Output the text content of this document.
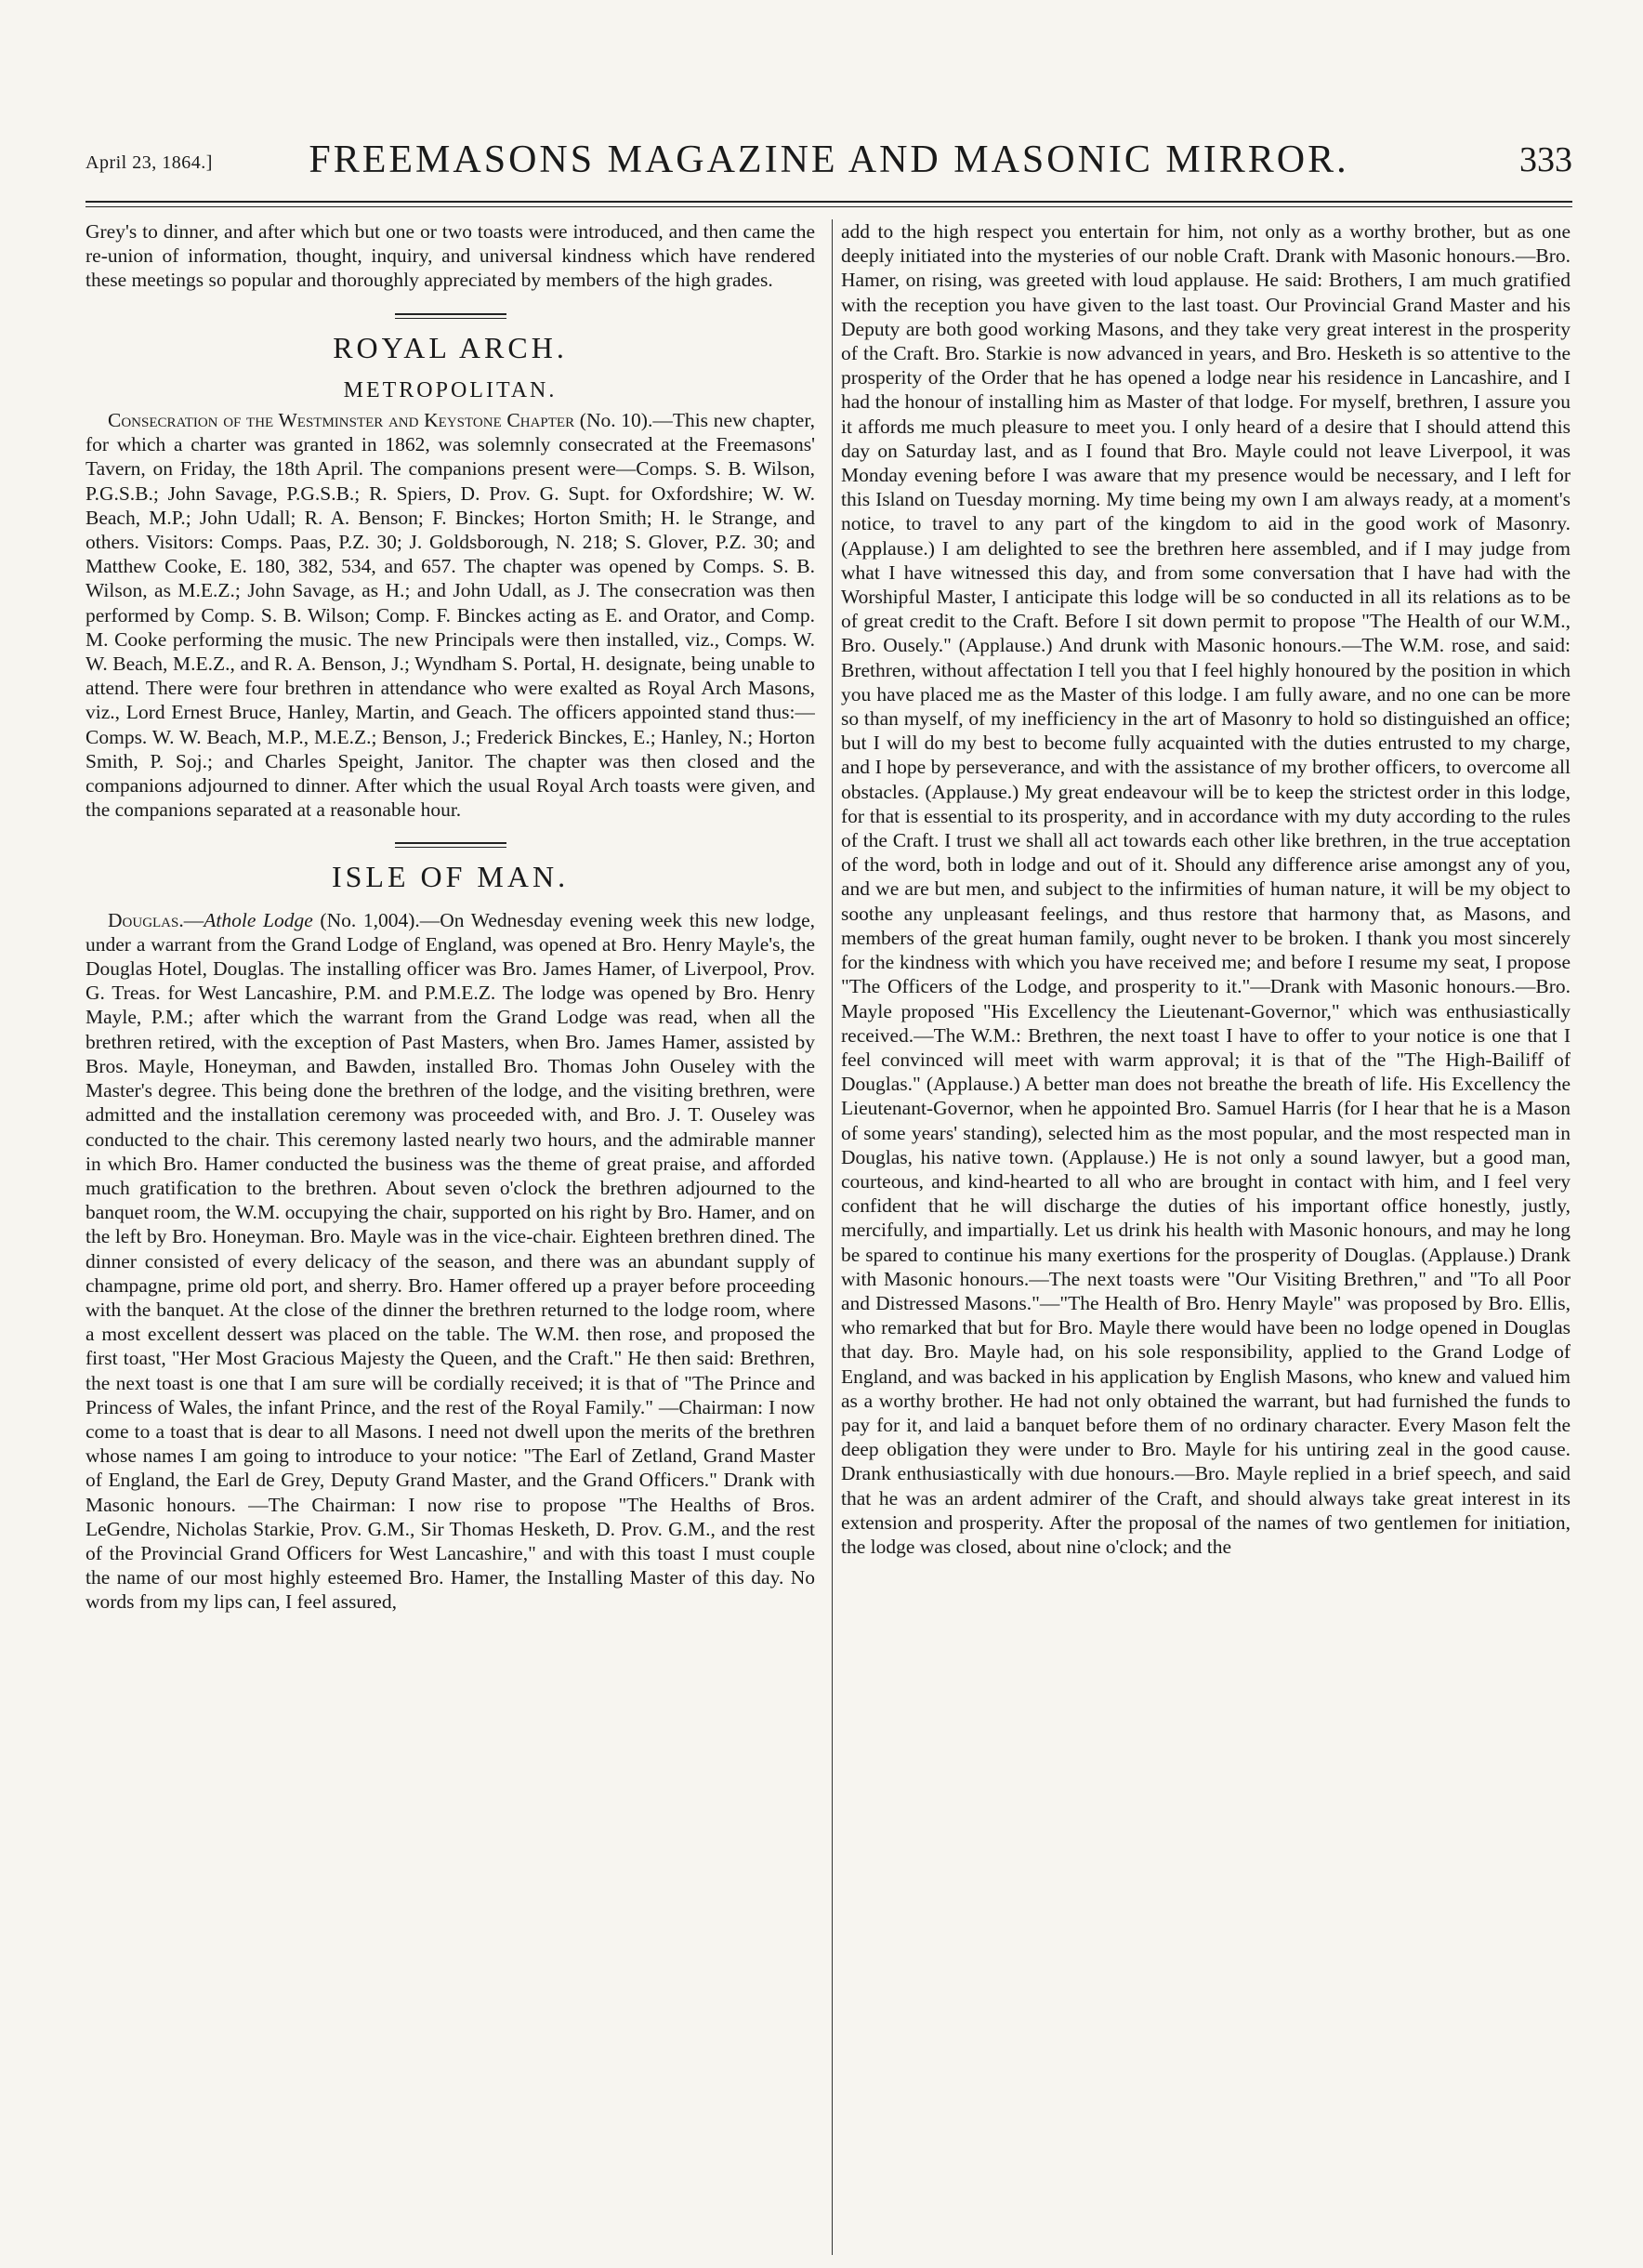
April 23, 1864.]	FREEMASONS MAGAZINE AND MASONIC MIRROR.	333

Grey's to dinner, and after which but one or two toasts were introduced, and then came the re-union of information, thought, inquiry, and universal kindness which have rendered these meetings so popular and thoroughly appreciated by members of the high grades.

ROYAL ARCH.
METROPOLITAN.

Consecration of the Westminster and Keystone Chapter (No. 10).—This new chapter, for which a charter was granted in 1862, was solemnly consecrated at the Freemasons' Tavern, on Friday, the 18th April. The companions present were—Comps. S. B. Wilson, P.G.S.B.; John Savage, P.G.S.B.; R. Spiers, D. Prov. G. Supt. for Oxfordshire; W. W. Beach, M.P.; John Udall; R. A. Benson; F. Binckes; Horton Smith; H. le Strange, and others. Visitors: Comps. Paas, P.Z. 30; J. Goldsborough, N. 218; S. Glover, P.Z. 30; and Matthew Cooke, E. 180, 382, 534, and 657. The chapter was opened by Comps. S. B. Wilson, as M.E.Z.; John Savage, as H.; and John Udall, as J. The consecration was then performed by Comp. S. B. Wilson; Comp. F. Binckes acting as E. and Orator, and Comp. M. Cooke performing the music. The new Principals were then installed, viz., Comps. W. W. Beach, M.E.Z., and R. A. Benson, J.; Wyndham S. Portal, H. designate, being unable to attend. There were four brethren in attendance who were exalted as Royal Arch Masons, viz., Lord Ernest Bruce, Hanley, Martin, and Geach. The officers appointed stand thus:—Comps. W. W. Beach, M.P., M.E.Z.; Benson, J.; Frederick Binckes, E.; Hanley, N.; Horton Smith, P. Soj.; and Charles Speight, Janitor. The chapter was then closed and the companions adjourned to dinner. After which the usual Royal Arch toasts were given, and the companions separated at a reasonable hour.

ISLE OF MAN.

Douglas.—Athole Lodge (No. 1,004).—On Wednesday evening week this new lodge, under a warrant from the Grand Lodge of England, was opened at Bro. Henry Mayle's, the Douglas Hotel, Douglas. The installing officer was Bro. James Hamer, of Liverpool, Prov. G. Treas. for West Lancashire, P.M. and P.M.E.Z. The lodge was opened by Bro. Henry Mayle, P.M.; after which the warrant from the Grand Lodge was read, when all the brethren retired, with the exception of Past Masters, when Bro. James Hamer, assisted by Bros. Mayle, Honeyman, and Bawden, installed Bro. Thomas John Ouseley with the Master's degree. This being done the brethren of the lodge, and the visiting brethren, were admitted and the installation ceremony was proceeded with, and Bro. J. T. Ouseley was conducted to the chair. This ceremony lasted nearly two hours, and the admirable manner in which Bro. Hamer conducted the business was the theme of great praise, and afforded much gratification to the brethren. About seven o'clock the brethren adjourned to the banquet room, the W.M. occupying the chair, supported on his right by Bro. Hamer, and on the left by Bro. Honeyman. Bro. Mayle was in the vice-chair. Eighteen brethren dined. The dinner consisted of every delicacy of the season, and there was an abundant supply of champagne, prime old port, and sherry. Bro. Hamer offered up a prayer before proceeding with the banquet. At the close of the dinner the brethren returned to the lodge room, where a most excellent dessert was placed on the table. The W.M. then rose, and proposed the first toast, "Her Most Gracious Majesty the Queen, and the Craft." He then said: Brethren, the next toast is one that I am sure will be cordially received; it is that of "The Prince and Princess of Wales, the infant Prince, and the rest of the Royal Family." —Chairman: I now come to a toast that is dear to all Masons. I need not dwell upon the merits of the brethren whose names I am going to introduce to your notice: "The Earl of Zetland, Grand Master of England, the Earl de Grey, Deputy Grand Master, and the Grand Officers." Drank with Masonic honours. —The Chairman: I now rise to propose "The Healths of Bros. LeGendre, Nicholas Starkie, Prov. G.M., Sir Thomas Hesketh, D. Prov. G.M., and the rest of the Provincial Grand Officers for West Lancashire," and with this toast I must couple the name of our most highly esteemed Bro. Hamer, the Installing Master of this day. No words from my lips can, I feel assured,

add to the high respect you entertain for him, not only as a worthy brother, but as one deeply initiated into the mysteries of our noble Craft. Drank with Masonic honours.—Bro. Hamer, on rising, was greeted with loud applause. He said: Brothers, I am much gratified with the reception you have given to the last toast. Our Provincial Grand Master and his Deputy are both good working Masons, and they take very great interest in the prosperity of the Craft. Bro. Starkie is now advanced in years, and Bro. Hesketh is so attentive to the prosperity of the Order that he has opened a lodge near his residence in Lancashire, and I had the honour of installing him as Master of that lodge. For myself, brethren, I assure you it affords me much pleasure to meet you. I only heard of a desire that I should attend this day on Saturday last, and as I found that Bro. Mayle could not leave Liverpool, it was Monday evening before I was aware that my presence would be necessary, and I left for this Island on Tuesday morning. My time being my own I am always ready, at a moment's notice, to travel to any part of the kingdom to aid in the good work of Masonry. (Applause.) I am delighted to see the brethren here assembled, and if I may judge from what I have witnessed this day, and from some conversation that I have had with the Worshipful Master, I anticipate this lodge will be so conducted in all its relations as to be of great credit to the Craft. Before I sit down permit to propose "The Health of our W.M., Bro. Ousely." (Applause.) And drunk with Masonic honours.—The W.M. rose, and said: Brethren, without affectation I tell you that I feel highly honoured by the position in which you have placed me as the Master of this lodge. I am fully aware, and no one can be more so than myself, of my inefficiency in the art of Masonry to hold so distinguished an office; but I will do my best to become fully acquainted with the duties entrusted to my charge, and I hope by perseverance, and with the assistance of my brother officers, to overcome all obstacles. (Applause.) My great endeavour will be to keep the strictest order in this lodge, for that is essential to its prosperity, and in accordance with my duty according to the rules of the Craft. I trust we shall all act towards each other like brethren, in the true acceptation of the word, both in lodge and out of it. Should any difference arise amongst any of you, and we are but men, and subject to the infirmities of human nature, it will be my object to soothe any unpleasant feelings, and thus restore that harmony that, as Masons, and members of the great human family, ought never to be broken. I thank you most sincerely for the kindness with which you have received me; and before I resume my seat, I propose "The Officers of the Lodge, and prosperity to it."—Drank with Masonic honours.—Bro. Mayle proposed "His Excellency the Lieutenant-Governor," which was enthusiastically received.—The W.M.: Brethren, the next toast I have to offer to your notice is one that I feel convinced will meet with warm approval; it is that of the "The High-Bailiff of Douglas." (Applause.) A better man does not breathe the breath of life. His Excellency the Lieutenant-Governor, when he appointed Bro. Samuel Harris (for I hear that he is a Mason of some years' standing), selected him as the most popular, and the most respected man in Douglas, his native town. (Applause.) He is not only a sound lawyer, but a good man, courteous, and kind-hearted to all who are brought in contact with him, and I feel very confident that he will discharge the duties of his important office honestly, justly, mercifully, and impartially. Let us drink his health with Masonic honours, and may he long be spared to continue his many exertions for the prosperity of Douglas. (Applause.) Drank with Masonic honours.—The next toasts were "Our Visiting Brethren," and "To all Poor and Distressed Masons."—"The Health of Bro. Henry Mayle" was proposed by Bro. Ellis, who remarked that but for Bro. Mayle there would have been no lodge opened in Douglas that day. Bro. Mayle had, on his sole responsibility, applied to the Grand Lodge of England, and was backed in his application by English Masons, who knew and valued him as a worthy brother. He had not only obtained the warrant, but had furnished the funds to pay for it, and laid a banquet before them of no ordinary character. Every Mason felt the deep obligation they were under to Bro. Mayle for his untiring zeal in the good cause. Drank enthusiastically with due honours.—Bro. Mayle replied in a brief speech, and said that he was an ardent admirer of the Craft, and should always take great interest in its extension and prosperity. After the proposal of the names of two gentlemen for initiation, the lodge was closed, about nine o'clock; and the
